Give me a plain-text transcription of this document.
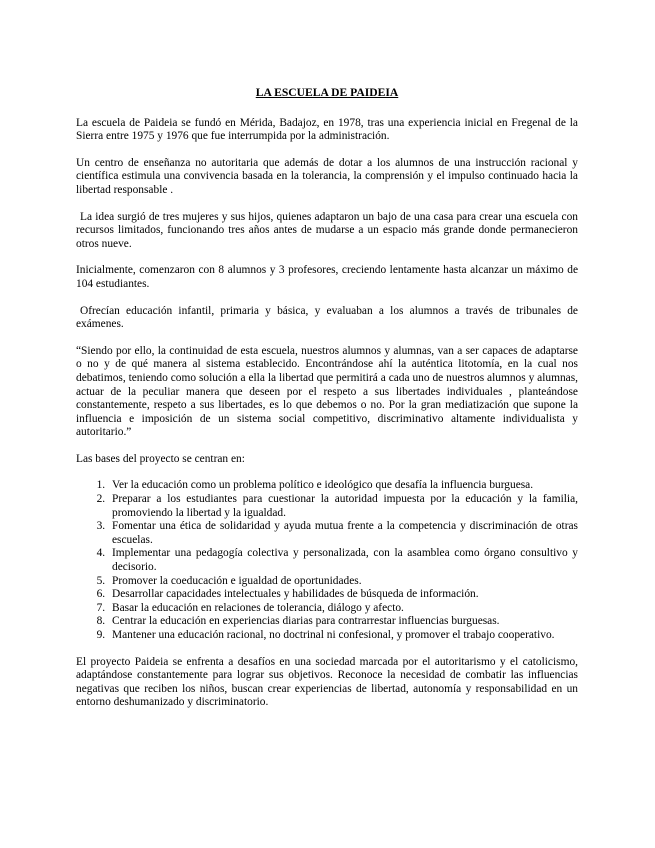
LA ESCUELA DE PAIDEIA

La escuela de Paideia se fundó en Mérida, Badajoz, en 1978, tras una experiencia inicial en Fregenal de la Sierra entre 1975 y 1976 que fue interrumpida por la administración.

Un centro de enseñanza no autoritaria que además de dotar a los alumnos de una instrucción racional y científica estimula una convivencia basada en la tolerancia, la comprensión y el impulso continuado hacia la libertad responsable .

La idea surgió de tres mujeres y sus hijos, quienes adaptaron un bajo de una casa para crear una escuela con recursos limitados, funcionando tres años antes de mudarse a un espacio más grande donde permanecieron otros nueve.

Inicialmente, comenzaron con 8 alumnos y 3 profesores, creciendo lentamente hasta alcanzar un máximo de 104 estudiantes.

Ofrecían educación infantil, primaria y básica, y evaluaban a los alumnos a través de tribunales de exámenes.

“Siendo por ello, la continuidad de esta escuela, nuestros alumnos y alumnas, van a ser capaces de adaptarse o no y de qué manera al sistema establecido. Encontrándose ahí la auténtica litotomía, en la cual nos debatimos, teniendo como solución a ella la libertad que permitirá a cada uno de nuestros alumnos y alumnas, actuar de la peculiar manera que deseen por el respeto a sus libertades individuales , planteándose constantemente, respeto a sus libertades, es lo que debemos o no. Por la gran mediatización que supone la influencia e imposición de un sistema social competitivo, discriminativo altamente individualista y autoritario.”

Las bases del proyecto se centran en:

1. Ver la educación como un problema político e ideológico que desafía la influencia burguesa.
2. Preparar a los estudiantes para cuestionar la autoridad impuesta por la educación y la familia, promoviendo la libertad y la igualdad.
3. Fomentar una ética de solidaridad y ayuda mutua frente a la competencia y discriminación de otras escuelas.
4. Implementar una pedagogía colectiva y personalizada, con la asamblea como órgano consultivo y decisorio.
5. Promover la coeducación e igualdad de oportunidades.
6. Desarrollar capacidades intelectuales y habilidades de búsqueda de información.
7. Basar la educación en relaciones de tolerancia, diálogo y afecto.
8. Centrar la educación en experiencias diarias para contrarrestar influencias burguesas.
9. Mantener una educación racional, no doctrinal ni confesional, y promover el trabajo cooperativo.

El proyecto Paideia se enfrenta a desafíos en una sociedad marcada por el autoritarismo y el catolicismo, adaptándose constantemente para lograr sus objetivos. Reconoce la necesidad de combatir las influencias negativas que reciben los niños, buscan crear experiencias de libertad, autonomía y responsabilidad en un entorno deshumanizado y discriminatorio.
